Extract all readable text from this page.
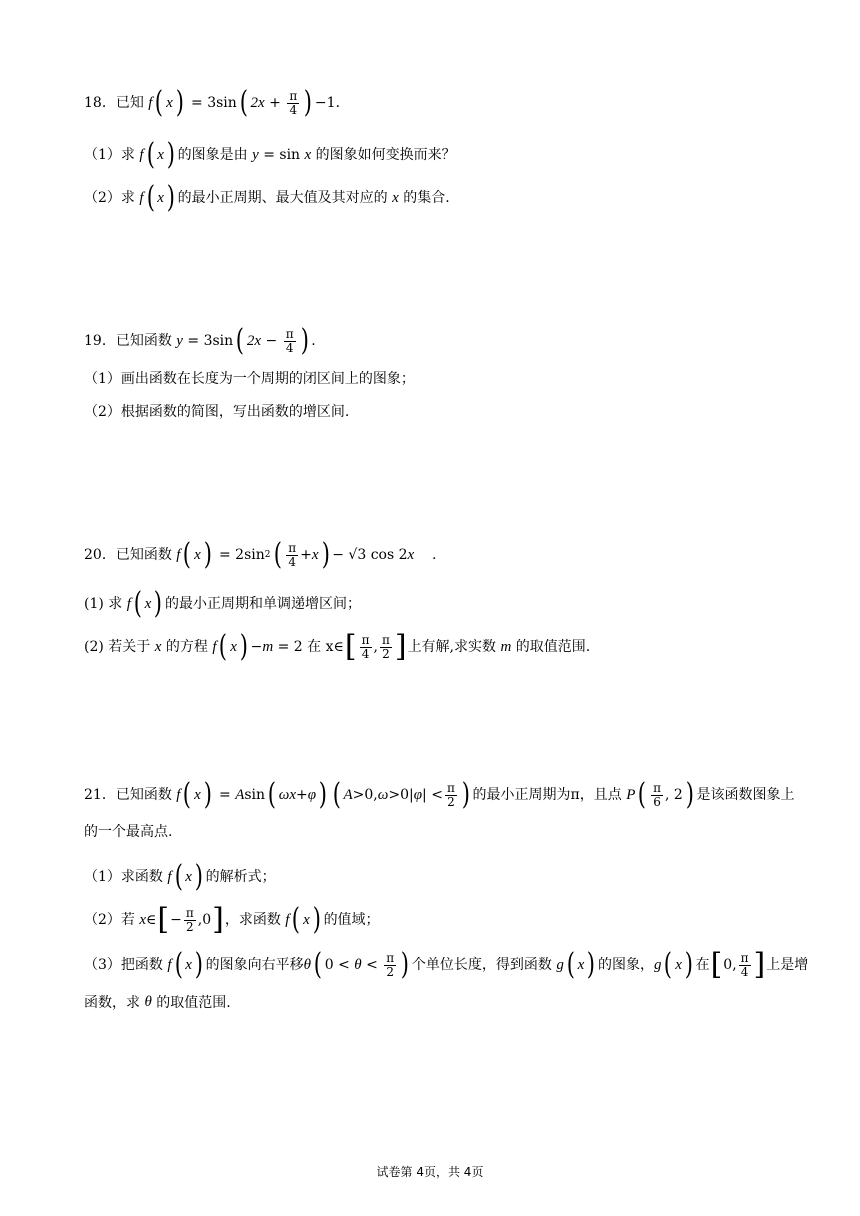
18．已知
f ( x ) = 3sin ( $2x + \frac{\pi}{4}$ ) −1 ．
（1）求 f ( x ) 的图象是由 y = sin x 的图象如何变换而来？
（2）求 f ( x ) 的最小正周期、最大值及其对应的 x 的集合.
19．已知函数 y = 3sin ( $2x - \frac{\pi}{4}$ ) .
（1）画出函数在长度为一个周期的闭区间上的图象；
（2）根据函数的简图，写出函数的增区间.
20．已知函数 f ( x ) = 2sin 2 ( $\frac{\pi}{4} + x$ ) − √3 cos 2 x .
(1) 求 f ( x ) 的最小正周期和单调递增区间；
(2) 若关于 x 的方程 f ( x ) − m = 2 在 x∈ [ $\frac{\pi}{4}$ , $\frac{\pi}{2}$ ] 上有解,求实数 m 的取值范围.
21．已知函数 f ( x ) = A sin ( ωx + φ ) ( A >0, ω >0| φ | < $\frac{\pi}{2}$ ) 的最小正周期为π，且点 P ( $\frac{\pi}{6}$ , 2 ) 是该函数图象上
的一个最高点.
（1）求函数 f ( x ) 的解析式；
（2）若 x ∈ [ − $\frac{\pi}{2} ,0$ ] ，求函数 f ( x ) 的值域；
（3）把函数 f ( x ) 的图象向右平移 θ ( $0 < \theta < \frac{\pi}{2}$ ) 个单位长度，得到函数 g ( x ) 的图象， g ( x ) 在 [ 0, $\frac{\pi}{4}$ ] 上是增
函数，求 θ 的取值范围.
试卷第 4页，共 4页
